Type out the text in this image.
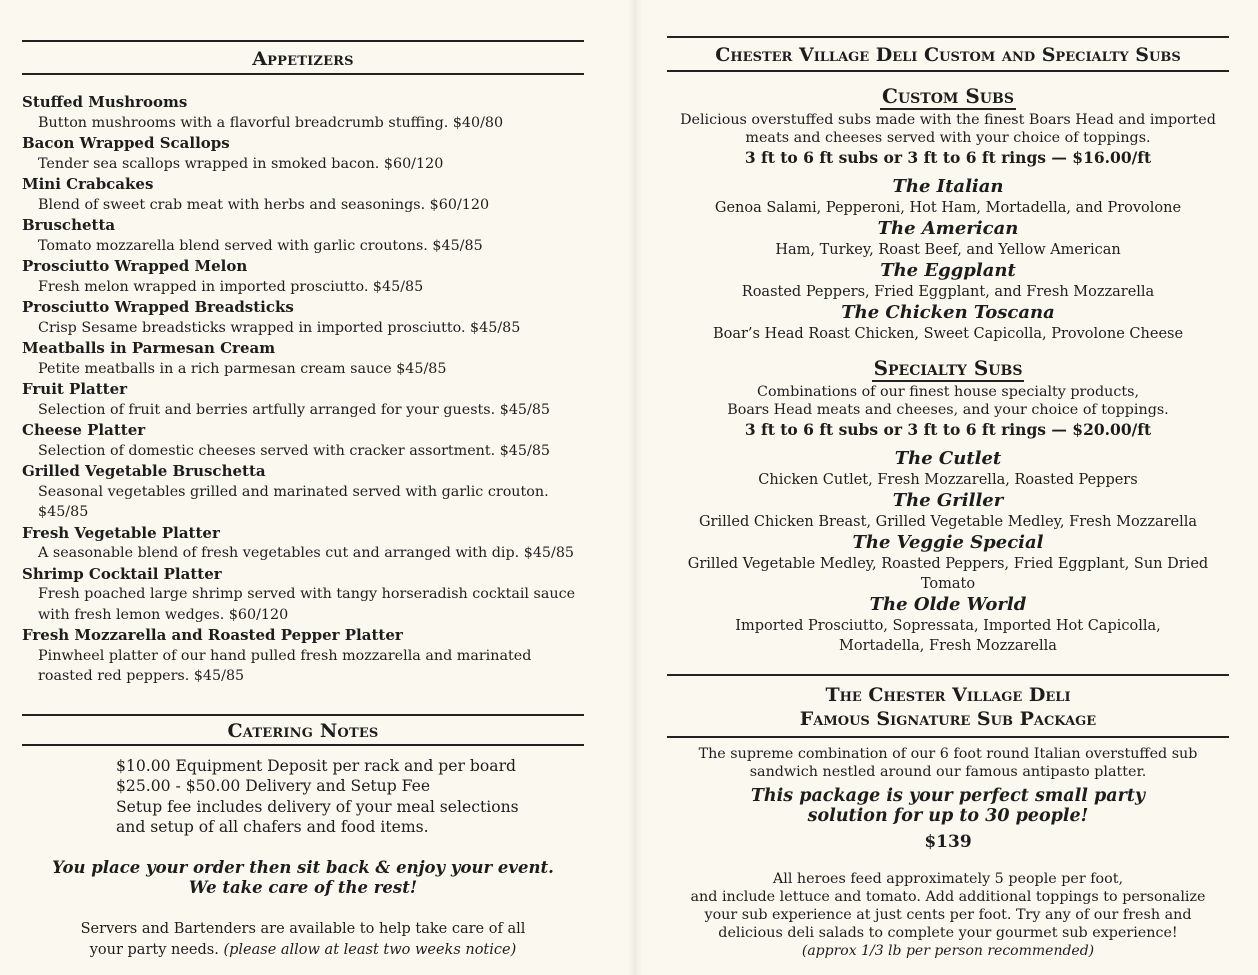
Appetizers

Stuffed Mushrooms

Button mushrooms with a flavorful breadcrumb stuffing. $40/80

Bacon Wrapped Scallops

Tender sea scallops wrapped in smoked bacon. $60/120

Mini Crabcakes

Blend of sweet crab meat with herbs and seasonings. $60/120

Bruschetta

Tomato mozzarella blend served with garlic croutons. $45/85

Prosciutto Wrapped Melon

Fresh melon wrapped in imported prosciutto. $45/85

Prosciutto Wrapped Breadsticks

Crisp Sesame breadsticks wrapped in imported prosciutto. $45/85

Meatballs in Parmesan Cream

Petite meatballs in a rich parmesan cream sauce $45/85

Fruit Platter

Selection of fruit and berries artfully arranged for your guests. $45/85

Cheese Platter

Selection of domestic cheeses served with cracker assortment. $45/85

Grilled Vegetable Bruschetta

Seasonal vegetables grilled and marinated served with garlic crouton. $45/85

Fresh Vegetable Platter

A seasonable blend of fresh vegetables cut and arranged with dip. $45/85

Shrimp Cocktail Platter

Fresh poached large shrimp served with tangy horseradish cocktail sauce

with fresh lemon wedges. $60/120

Fresh Mozzarella and Roasted Pepper Platter

Pinwheel platter of our hand pulled fresh mozzarella and marinated

roasted red peppers. $45/85

Catering Notes
$10.00 Equipment Deposit per rack and per board
$25.00 - $50.00 Delivery and Setup Fee
Setup fee includes delivery of your meal selections
and setup of all chafers and food items.
You place your order then sit back & enjoy your event.
We take care of the rest!
Servers and Bartenders are available to help take care of all
your party needs. (please allow at least two weeks notice)
Chester Village Deli Custom and Specialty Subs
Custom Subs
Delicious overstuffed subs made with the finest Boars Head and imported
meats and cheeses served with your choice of toppings.
3 ft to 6 ft subs or 3 ft to 6 ft rings — $16.00/ft
The Italian
Genoa Salami, Pepperoni, Hot Ham, Mortadella, and Provolone
The American
Ham, Turkey, Roast Beef, and Yellow American
The Eggplant
Roasted Peppers, Fried Eggplant, and Fresh Mozzarella
The Chicken Toscana
Boar’s Head Roast Chicken, Sweet Capicolla, Provolone Cheese
Specialty Subs
Combinations of our finest house specialty products,
Boars Head meats and cheeses, and your choice of toppings.
3 ft to 6 ft subs or 3 ft to 6 ft rings — $20.00/ft
The Cutlet
Chicken Cutlet, Fresh Mozzarella, Roasted Peppers
The Griller
Grilled Chicken Breast, Grilled Vegetable Medley, Fresh Mozzarella
The Veggie Special
Grilled Vegetable Medley, Roasted Peppers, Fried Eggplant, Sun Dried Tomato
The Olde World
Imported Prosciutto, Sopressata, Imported Hot Capicolla,
Mortadella, Fresh Mozzarella
The Chester Village Deli
Famous Signature Sub Package
The supreme combination of our 6 foot round Italian overstuffed sub
sandwich nestled around our famous antipasto platter.
This package is your perfect small party
solution for up to 30 people!
$139
All heroes feed approximately 5 people per foot,
and include lettuce and tomato. Add additional toppings to personalize
your sub experience at just cents per foot. Try any of our fresh and
delicious deli salads to complete your gourmet sub experience!
(approx 1/3 lb per person recommended)
